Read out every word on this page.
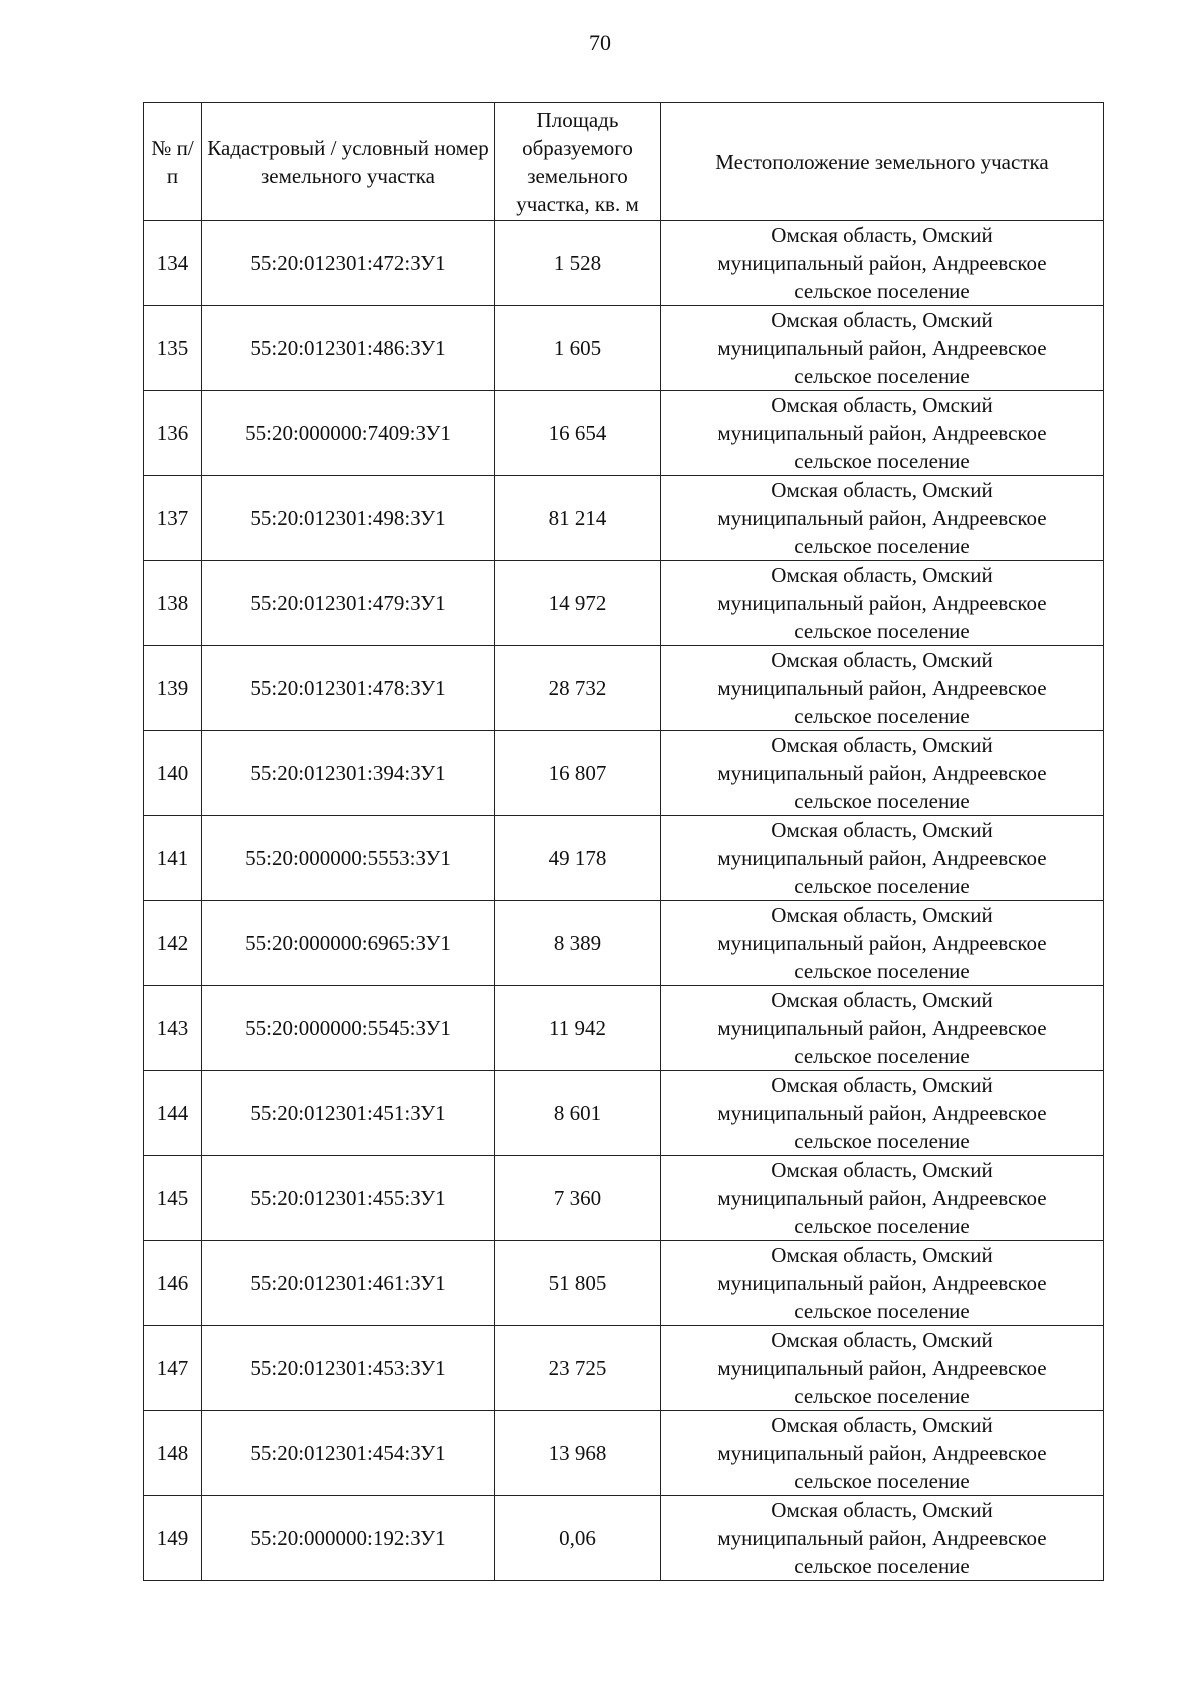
70
№ п/п	Кадастровый / условный номер земельного участка	Площадь образуемого земельного участка, кв. м	Местоположение земельного участка
134	55:20:012301:472:ЗУ1	1 528	Омская область, Омский
муниципальный район, Андреевское
сельское поселение

135	55:20:012301:486:ЗУ1	1 605	Омская область, Омский
муниципальный район, Андреевское
сельское поселение

136	55:20:000000:7409:ЗУ1	16 654	Омская область, Омский
муниципальный район, Андреевское
сельское поселение

137	55:20:012301:498:ЗУ1	81 214	Омская область, Омский
муниципальный район, Андреевское
сельское поселение

138	55:20:012301:479:ЗУ1	14 972	Омская область, Омский
муниципальный район, Андреевское
сельское поселение

139	55:20:012301:478:ЗУ1	28 732	Омская область, Омский
муниципальный район, Андреевское
сельское поселение

140	55:20:012301:394:ЗУ1	16 807	Омская область, Омский
муниципальный район, Андреевское
сельское поселение

141	55:20:000000:5553:ЗУ1	49 178	Омская область, Омский
муниципальный район, Андреевское
сельское поселение

142	55:20:000000:6965:ЗУ1	8 389	Омская область, Омский
муниципальный район, Андреевское
сельское поселение

143	55:20:000000:5545:ЗУ1	11 942	Омская область, Омский
муниципальный район, Андреевское
сельское поселение

144	55:20:012301:451:ЗУ1	8 601	Омская область, Омский
муниципальный район, Андреевское
сельское поселение

145	55:20:012301:455:ЗУ1	7 360	Омская область, Омский
муниципальный район, Андреевское
сельское поселение

146	55:20:012301:461:ЗУ1	51 805	Омская область, Омский
муниципальный район, Андреевское
сельское поселение

147	55:20:012301:453:ЗУ1	23 725	Омская область, Омский
муниципальный район, Андреевское
сельское поселение

148	55:20:012301:454:ЗУ1	13 968	Омская область, Омский
муниципальный район, Андреевское
сельское поселение

149	55:20:000000:192:ЗУ1	0,06	Омская область, Омский
муниципальный район, Андреевское
сельское поселение
